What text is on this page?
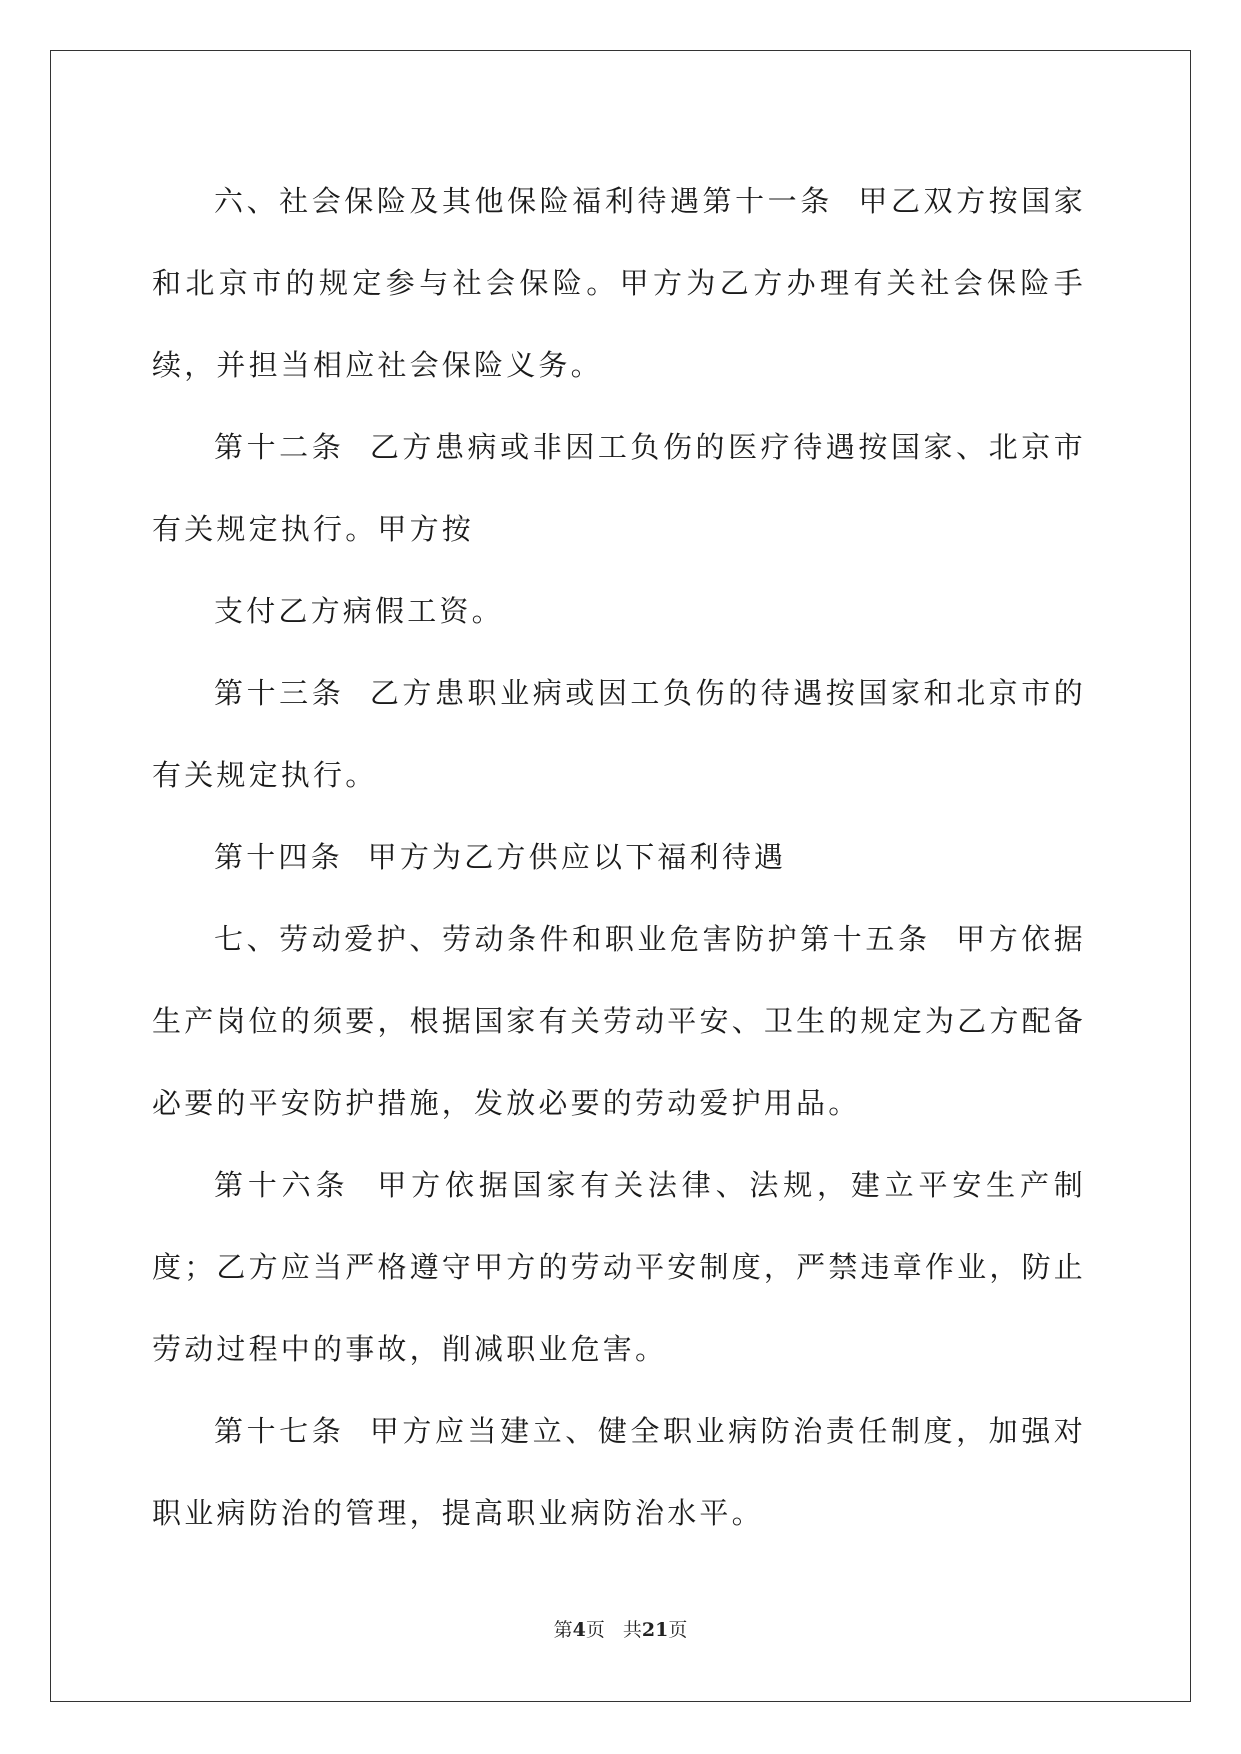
六、社会保险及其他保险福利待遇第十一条  甲乙双方按国家和北京市的规定参与社会保险。甲方为乙方办理有关社会保险手续，并担当相应社会保险义务。

第十二条  乙方患病或非因工负伤的医疗待遇按国家、北京市有关规定执行。甲方按

支付乙方病假工资。

第十三条  乙方患职业病或因工负伤的待遇按国家和北京市的有关规定执行。

第十四条  甲方为乙方供应以下福利待遇

七、劳动爱护、劳动条件和职业危害防护第十五条  甲方依据生产岗位的须要，根据国家有关劳动平安、卫生的规定为乙方配备必要的平安防护措施，发放必要的劳动爱护用品。

第十六条  甲方依据国家有关法律、法规，建立平安生产制度；乙方应当严格遵守甲方的劳动平安制度，严禁违章作业，防止劳动过程中的事故，削减职业危害。

第十七条  甲方应当建立、健全职业病防治责任制度，加强对职业病防治的管理，提高职业病防治水平。

第4页 共21页
